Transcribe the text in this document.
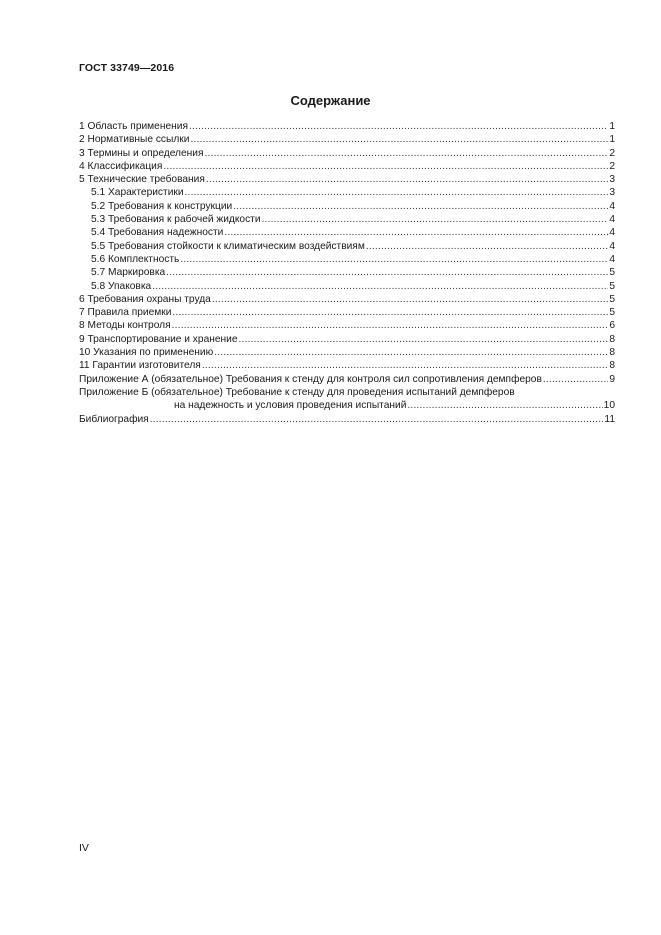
ГОСТ 33749—2016
Содержание
1 Область применения .....	1
2 Нормативные ссылки .....	1
3 Термины и определения .....	2
4 Классификация .....	2
5 Технические требования .....	3
5.1 Характеристики .....	3
5.2 Требования к конструкции .....	4
5.3 Требования к рабочей жидкости .....	4
5.4 Требования надежности .....	4
5.5 Требования стойкости к климатическим воздействиям .....	4
5.6 Комплектность .....	4
5.7 Маркировка .....	5
5.8 Упаковка .....	5
6 Требования охраны труда .....	5
7 Правила приемки .....	5
8 Методы контроля .....	6
9 Транспортирование и хранение .....	8
10 Указания по применению .....	8
11 Гарантии изготовителя .....	8
Приложение А (обязательное) Требования к стенду для контроля сил сопротивления демпферов .....	9
Приложение Б (обязательное) Требование к стенду для проведения испытаний демпферов
на надежность и условия проведения испытаний .....	10
Библиография .....	11
IV
